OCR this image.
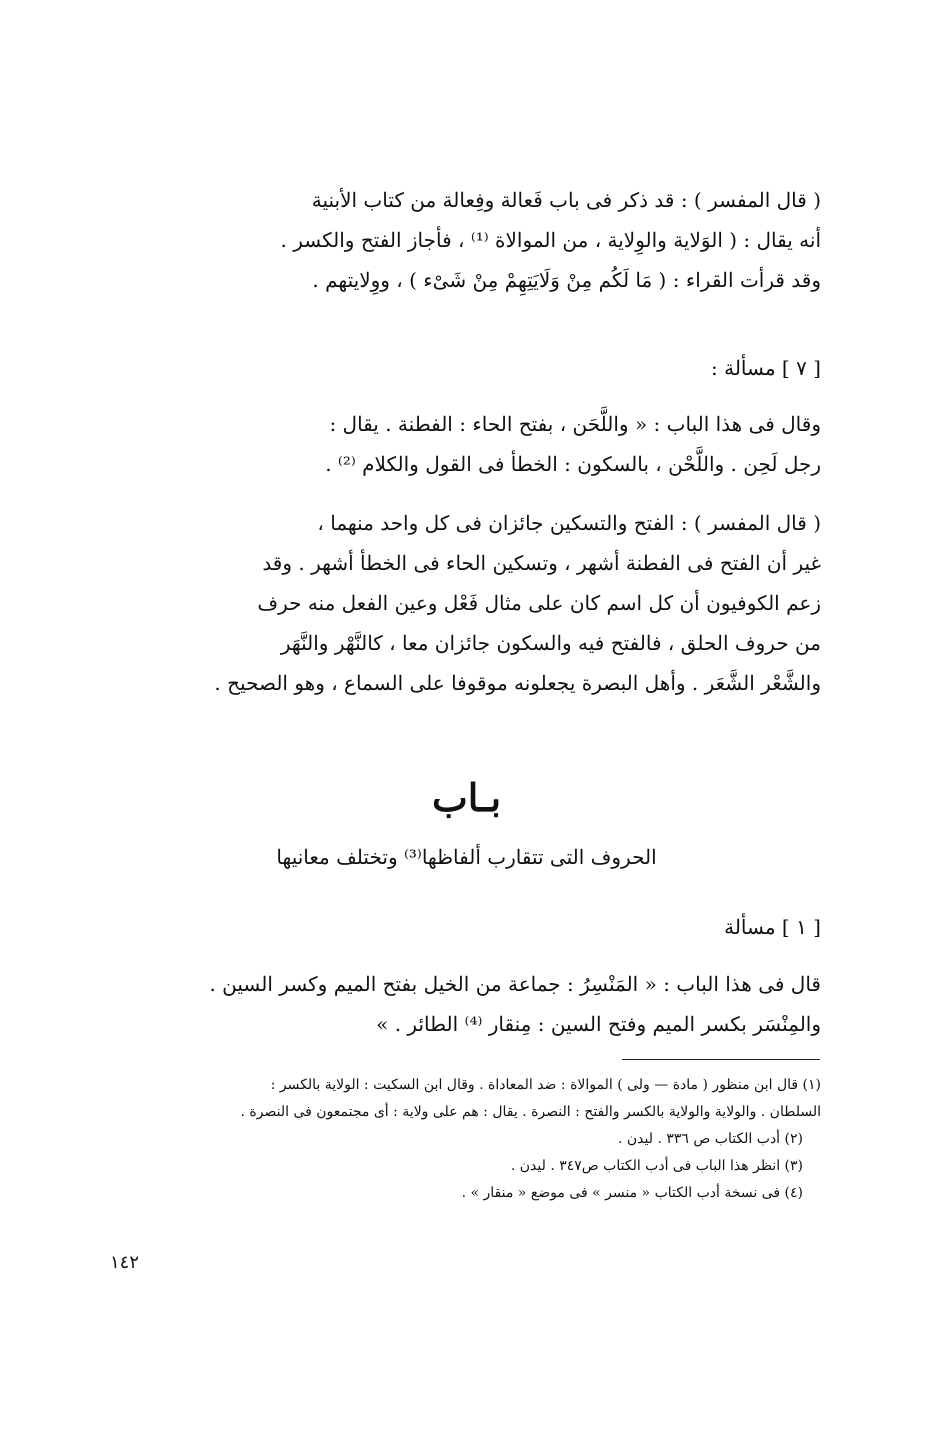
( قال المفسر ) : قد ذكر فى باب فَعالة وفِعالة من كتاب الأبنية
أنه يقال : ( الوَلاية والوِلاية ، من الموالاة ⁽¹⁾ ، فأجاز الفتح والكسر .
وقد قرأت القراء : ( مَا لَكُم مِنْ وَلَايَتِهِمْ مِنْ شَىْء ) ، ووِلايتهم .
[ ٧ ] مسألة :
وقال فى هذا الباب : « واللَّحَن ، بفتح الحاء : الفطنة . يقال :
رجل لَحِن . واللَّحْن ، بالسكون : الخطأ فى القول والكلام ⁽²⁾ .
( قال المفسر ) : الفتح والتسكين جائزان فى كل واحد منهما ،
غير أن الفتح فى الفطنة أشهر ، وتسكين الحاء فى الخطأ أشهر . وقد
زعم الكوفيون أن كل اسم كان على مثال فَعْل وعين الفعل منه حرف
من حروف الحلق ، فالفتح فيه والسكون جائزان معا ، كالنَّهْر والنَّهَر
والشَّعْر الشَّعَر . وأهل البصرة يجعلونه موقوفا على السماع ، وهو الصحيح .
بـاب
الحروف التى تتقارب ألفاظها⁽³⁾ وتختلف معانيها
[ ١ ] مسألة
قال فى هذا الباب : « المَنْسِرُ : جماعة من الخيل بفتح الميم وكسر السين .
والمِنْسَر بكسر الميم وفتح السين : مِنقار ⁽⁴⁾ الطائر . »
(١) قال ابن منظور ( مادة — ولى ) الموالاة : ضد المعاداة . وقال ابن السكيت : الولاية بالكسر :
السلطان . والولاية والولاية بالكسر والفتح : النصرة . يقال : هم على ولاية : أى مجتمعون فى النصرة .
(٢) أدب الكتاب ص ٣٣٦ . ليدن .
(٣) انظر هذا الباب فى أدب الكتاب ص٣٤٧ . ليدن .
(٤) فى نسخة أدب الكتاب « منسر » فى موضع « منقار » .
١٤٢
